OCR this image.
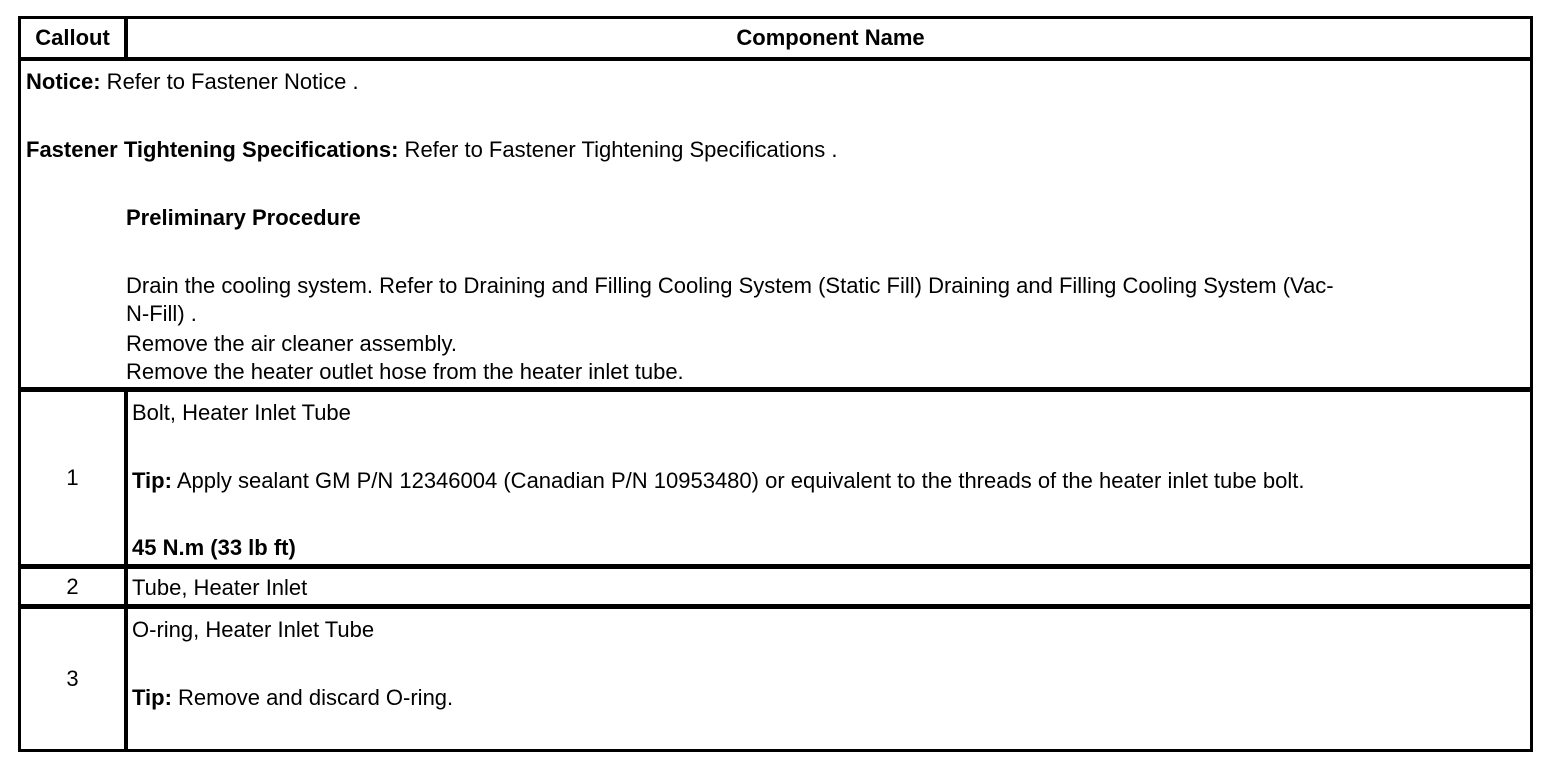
Callout	Component Name
Notice: Refer to Fastener Notice .
Fastener Tightening Specifications: Refer to Fastener Tightening Specifications .
Preliminary Procedure
Drain the cooling system. Refer to Draining and Filling Cooling System (Static Fill) Draining and Filling Cooling System (Vac-
N-Fill) .
Remove the air cleaner assembly.
Remove the heater outlet hose from the heater inlet tube.
1
Bolt, Heater Inlet Tube
Tip: Apply sealant GM P/N 12346004 (Canadian P/N 10953480) or equivalent to the threads of the heater inlet tube bolt.
45 N.m (33 lb ft)
2	Tube, Heater Inlet
3
O-ring, Heater Inlet Tube
Tip: Remove and discard O-ring.
